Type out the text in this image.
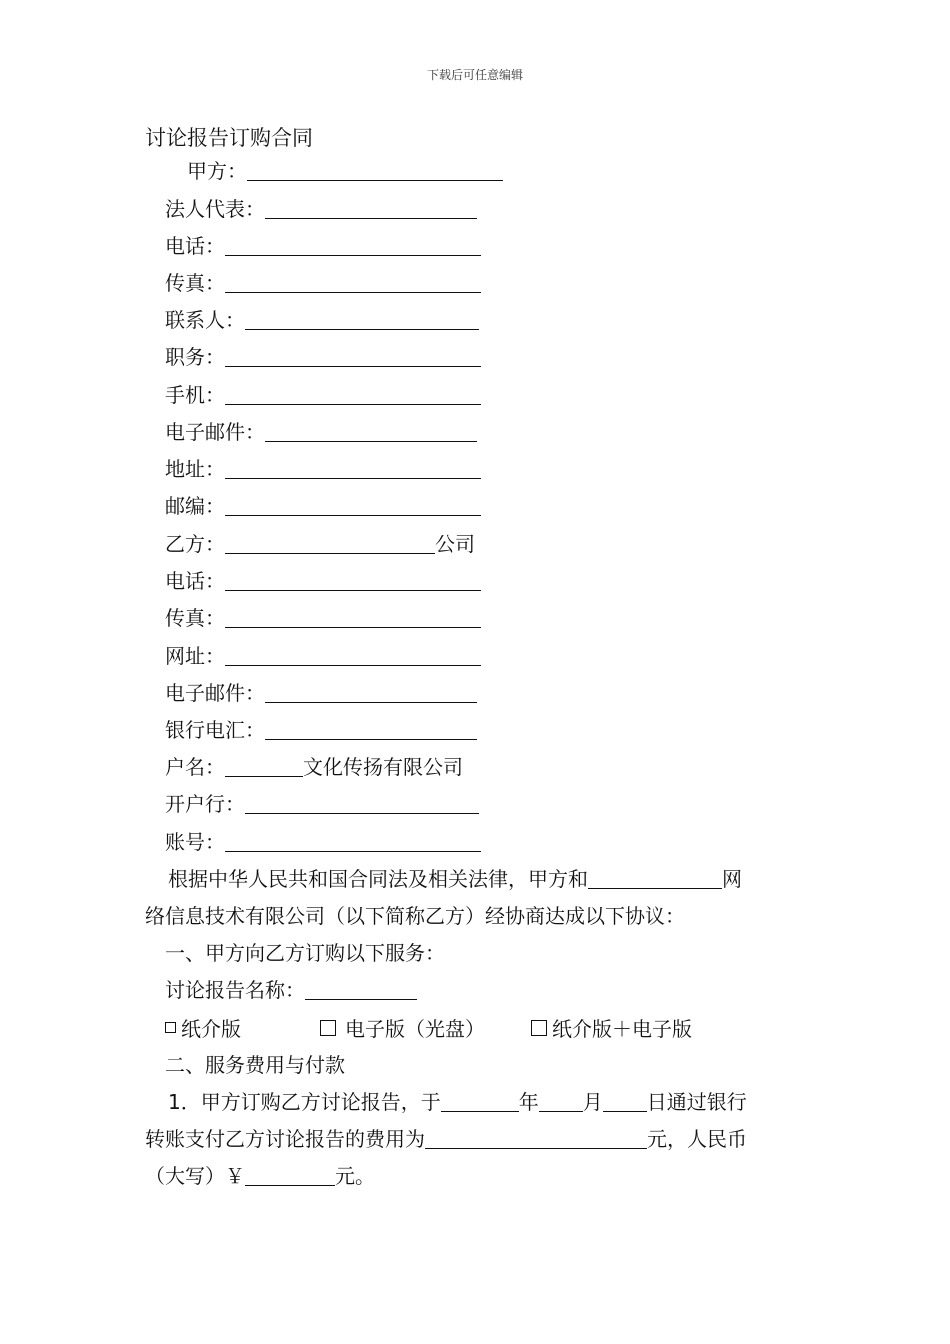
下载后可任意编辑
讨论报告订购合同
甲方：
法人代表：
电话：
传真：
联系人：
职务：
手机：
电子邮件：
地址：
邮编：
乙方：	公司
电话：
传真：
网址：
电子邮件：
银行电汇：
户名：	文化传扬有限公司
开户行：
账号：
根据中华人民共和国合同法及相关法律，甲方和	网
络信息技术有限公司（以下简称乙方）经协商达成以下协议：
一、甲方向乙方订购以下服务：
讨论报告名称：
纸介版	电子版（光盘）	纸介版＋电子版
二、服务费用与付款
1．甲方订购乙方讨论报告，于	年 月 日通过银行
转账支付乙方讨论报告的费用为	元，人民币
（大写）￥	元。
